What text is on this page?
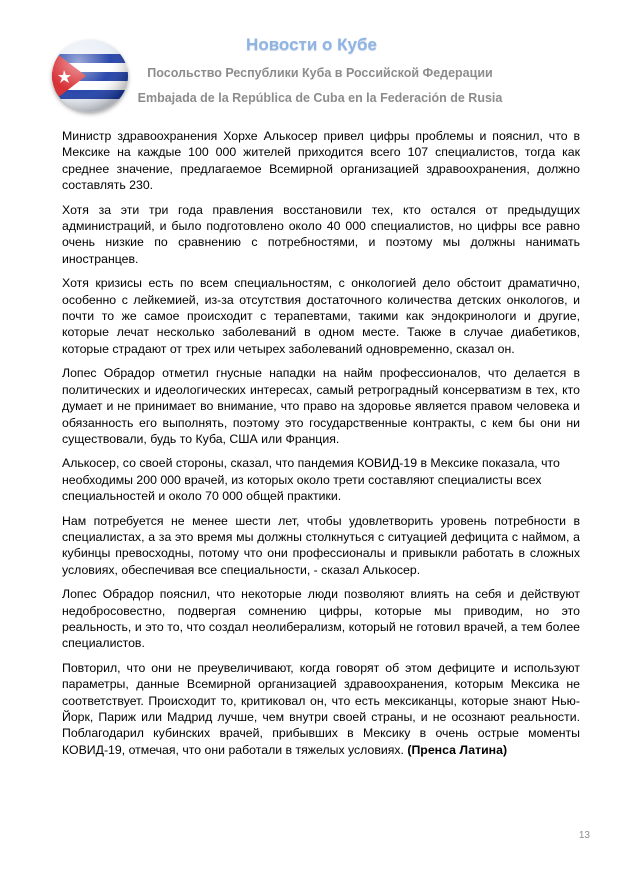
Новости о Кубе
Посольство Республики Куба в Российской Федерации
Embajada de la República de Cuba en la Federación de Rusia

Министр здравоохранения Хорхе Алькосер привел цифры проблемы и пояснил, что в Мексике на каждые 100 000 жителей приходится всего 107 специалистов, тогда как среднее значение, предлагаемое Всемирной организацией здравоохранения, должно составлять 230.

Хотя за эти три года правления восстановили тех, кто остался от предыдущих администраций, и было подготовлено около 40 000 специалистов, но цифры все равно очень низкие по сравнению с потребностями, и поэтому мы должны нанимать иностранцев.

Хотя кризисы есть по всем специальностям, с онкологией дело обстоит драматично, особенно с лейкемией, из-за отсутствия достаточного количества детских онкологов, и почти то же самое происходит с терапевтами, такими как эндокринологи и другие, которые лечат несколько заболеваний в одном месте. Также в случае диабетиков, которые страдают от трех или четырех заболеваний одновременно, сказал он.

Лопес Обрадор отметил гнусные нападки на найм профессионалов, что делается в политических и идеологических интересах, самый ретроградный консерватизм в тех, кто думает и не принимает во внимание, что право на здоровье является правом человека и обязанность его выполнять, поэтому это государственные контракты, с кем бы они ни существовали, будь то Куба, США или Франция.

Алькосер, со своей стороны, сказал, что пандемия КОВИД-19 в Мексике показала, что необходимы 200 000 врачей, из которых около трети составляют специалисты всех специальностей и около 70 000 общей практики.

Нам потребуется не менее шести лет, чтобы удовлетворить уровень потребности в специалистах, а за это время мы должны столкнуться с ситуацией дефицита с наймом, а кубинцы превосходны, потому что они профессионалы и привыкли работать в сложных условиях, обеспечивая все специальности, - сказал Алькосер.

Лопес Обрадор пояснил, что некоторые люди позволяют влиять на себя и действуют недобросовестно, подвергая сомнению цифры, которые мы приводим, но это реальность, и это то, что создал неолиберализм, который не готовил врачей, а тем более специалистов.

Повторил, что они не преувеличивают, когда говорят об этом дефиците и используют параметры, данные Всемирной организацией здравоохранения, которым Мексика не соответствует. Происходит то, критиковал он, что есть мексиканцы, которые знают Нью-Йорк, Париж или Мадрид лучше, чем внутри своей страны, и не осознают реальности. Поблагодарил кубинских врачей, прибывших в Мексику в очень острые моменты КОВИД-19, отмечая, что они работали в тяжелых условиях. (Пренса Латина)

13
